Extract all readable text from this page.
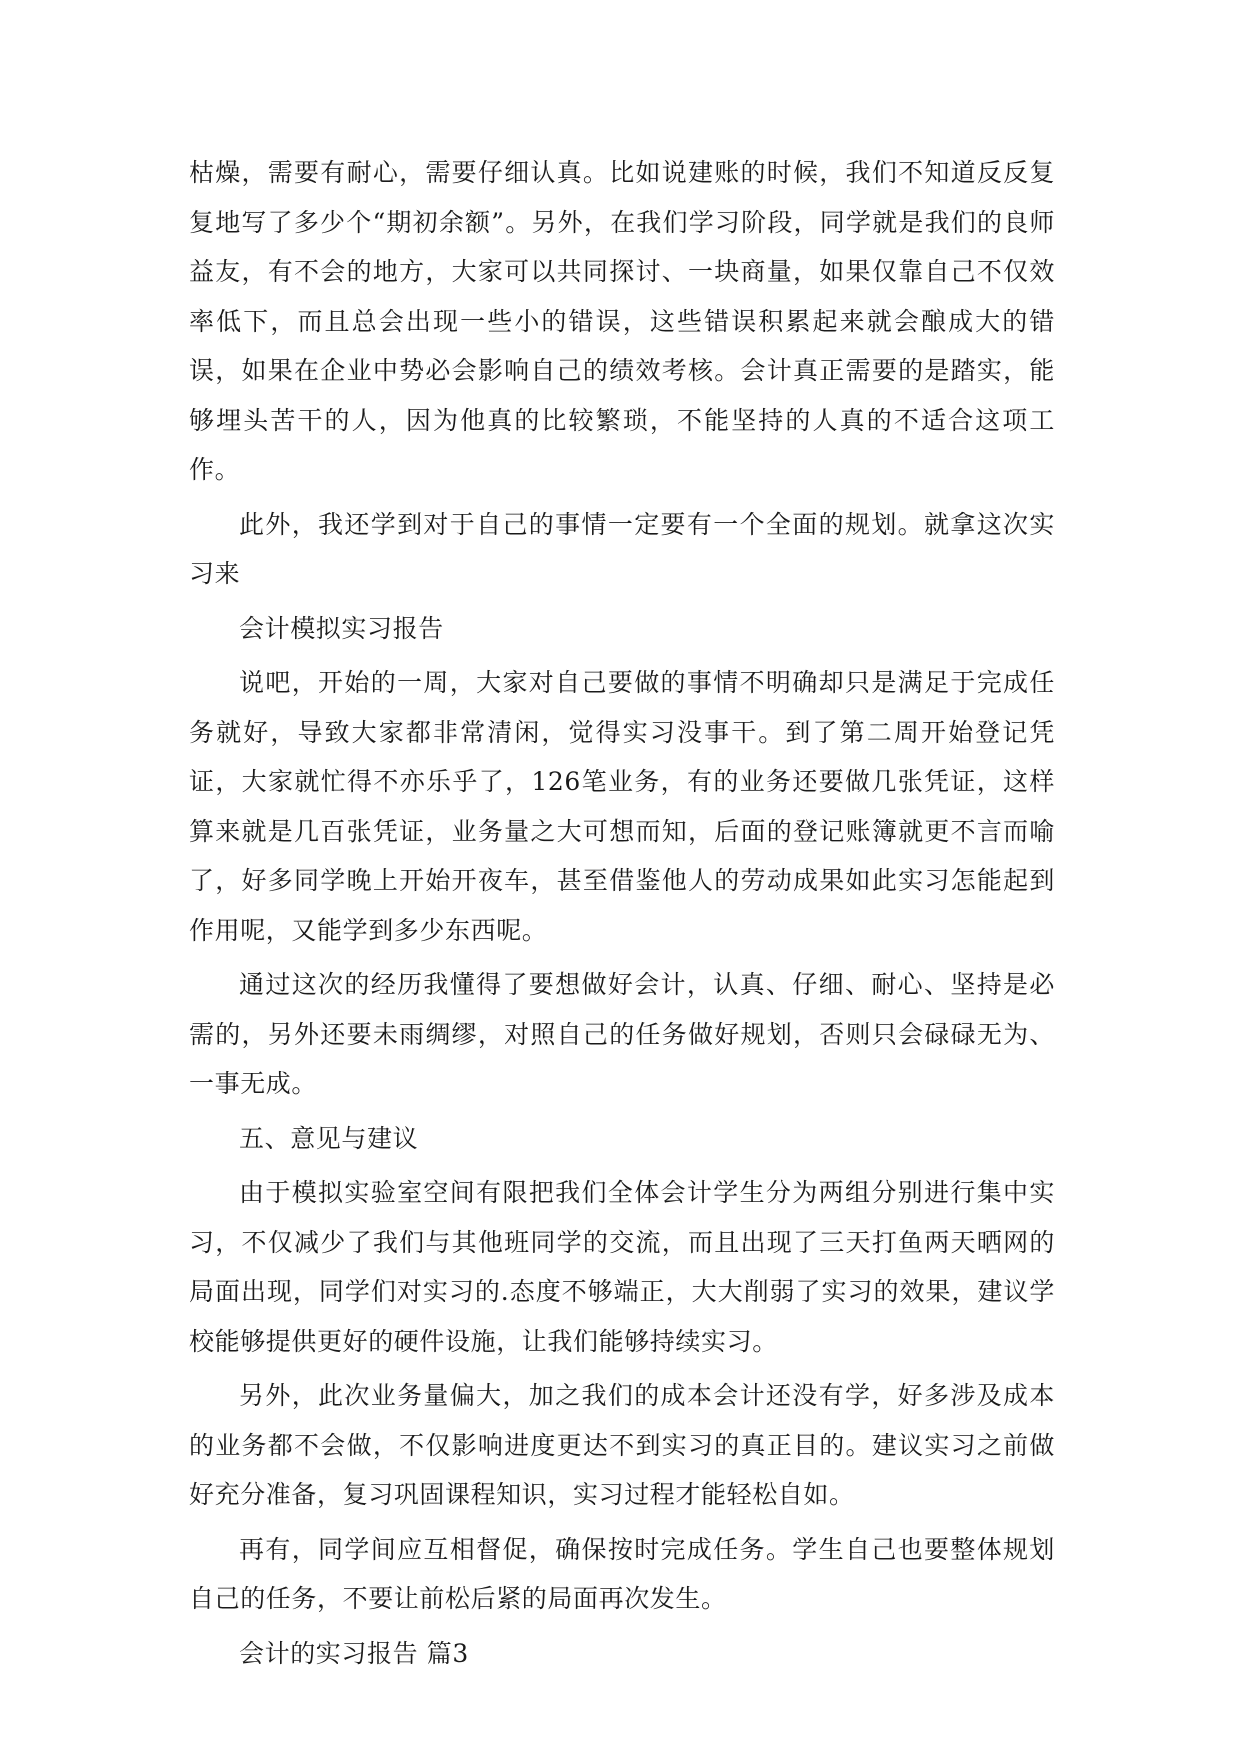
枯燥，需要有耐心，需要仔细认真。比如说建账的时候，我们不知道反反复复地写了多少个“期初余额”。另外，在我们学习阶段，同学就是我们的良师益友，有不会的地方，大家可以共同探讨、一块商量，如果仅靠自己不仅效率低下，而且总会出现一些小的错误，这些错误积累起来就会酿成大的错误，如果在企业中势必会影响自己的绩效考核。会计真正需要的是踏实，能够埋头苦干的人，因为他真的比较繁琐，不能坚持的人真的不适合这项工作。

此外，我还学到对于自己的事情一定要有一个全面的规划。就拿这次实习来

会计模拟实习报告

说吧，开始的一周，大家对自己要做的事情不明确却只是满足于完成任务就好，导致大家都非常清闲，觉得实习没事干。到了第二周开始登记凭证，大家就忙得不亦乐乎了，126笔业务，有的业务还要做几张凭证，这样算来就是几百张凭证，业务量之大可想而知，后面的登记账簿就更不言而喻了，好多同学晚上开始开夜车，甚至借鉴他人的劳动成果如此实习怎能起到作用呢，又能学到多少东西呢。

通过这次的经历我懂得了要想做好会计，认真、仔细、耐心、坚持是必需的，另外还要未雨绸缪，对照自己的任务做好规划，否则只会碌碌无为、一事无成。

五、意见与建议

由于模拟实验室空间有限把我们全体会计学生分为两组分别进行集中实习，不仅减少了我们与其他班同学的交流，而且出现了三天打鱼两天晒网的局面出现，同学们对实习的.态度不够端正，大大削弱了实习的效果，建议学校能够提供更好的硬件设施，让我们能够持续实习。

另外，此次业务量偏大，加之我们的成本会计还没有学，好多涉及成本的业务都不会做，不仅影响进度更达不到实习的真正目的。建议实习之前做好充分准备，复习巩固课程知识，实习过程才能轻松自如。

再有，同学间应互相督促，确保按时完成任务。学生自己也要整体规划自己的任务，不要让前松后紧的局面再次发生。

会计的实习报告 篇3
